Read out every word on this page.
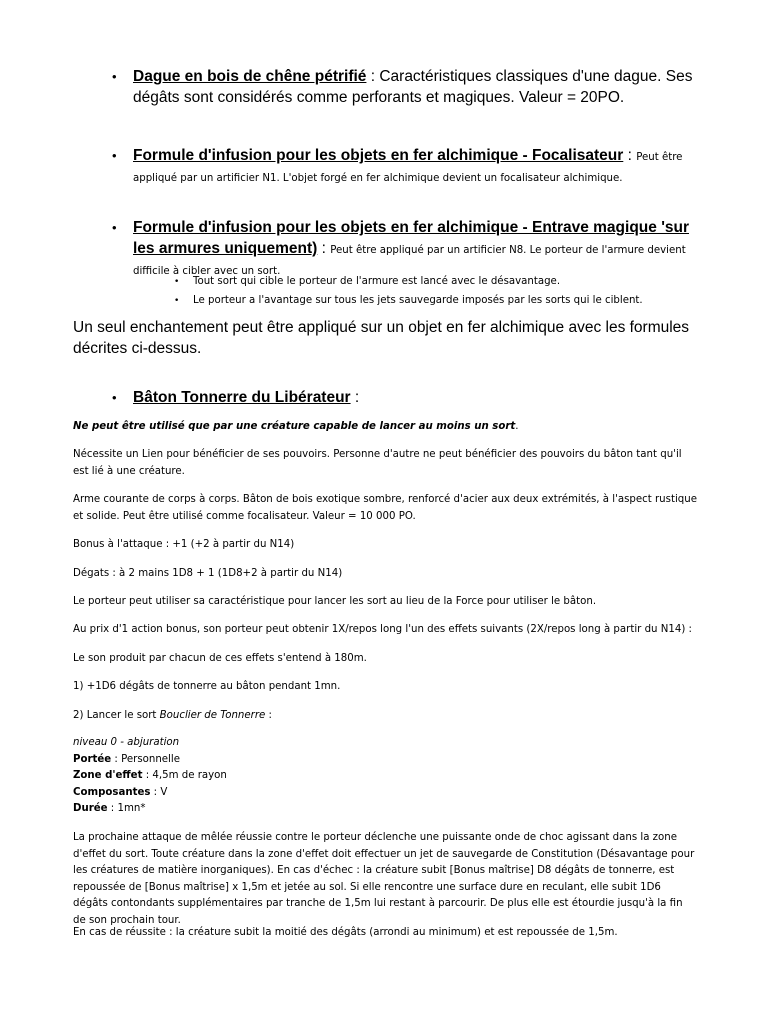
• Dague en bois de chêne pétrifié : Caractéristiques classiques d'une dague. Ses dégâts sont considérés comme perforants et magiques. Valeur = 20PO.
• Formule d'infusion pour les objets en fer alchimique - Focalisateur : Peut être appliqué par un artificier N1. L'objet forgé en fer alchimique devient un focalisateur alchimique.
• Formule d'infusion pour les objets en fer alchimique - Entrave magique 'sur les armures uniquement) : Peut être appliqué par un artificier N8. Le porteur de l'armure devient difficile à cibler avec un sort.
• Tout sort qui cible le porteur de l'armure est lancé avec le désavantage.
• Le porteur a l'avantage sur tous les jets sauvegarde imposés par les sorts qui le ciblent.
Un seul enchantement peut être appliqué sur un objet en fer alchimique avec les formules décrites ci-dessus.
• Bâton Tonnerre du Libérateur :
Ne peut être utilisé que par une créature capable de lancer au moins un sort.
Nécessite un Lien pour bénéficier de ses pouvoirs. Personne d'autre ne peut bénéficier des pouvoirs du bâton tant qu'il est lié à une créature.
Arme courante de corps à corps. Bâton de bois exotique sombre, renforcé d'acier aux deux extrémités, à l'aspect rustique et solide. Peut être utilisé comme focalisateur. Valeur = 10 000 PO.
Bonus à l'attaque : +1 (+2 à partir du N14)
Dégats : à 2 mains 1D8 + 1 (1D8+2 à partir du N14)
Le porteur peut utiliser sa caractéristique pour lancer les sort au lieu de la Force pour utiliser le bâton.
Au prix d'1 action bonus, son porteur peut obtenir 1X/repos long l'un des effets suivants (2X/repos long à partir du N14) :
Le son produit par chacun de ces effets s'entend à 180m.
1) +1D6 dégâts de tonnerre au bâton pendant 1mn.
2) Lancer le sort Bouclier de Tonnerre :
niveau 0 - abjuration
Portée : Personnelle
Zone d'effet : 4,5m de rayon
Composantes : V
Durée : 1mn*
La prochaine attaque de mêlée réussie contre le porteur déclenche une puissante onde de choc agissant dans la zone d'effet du sort. Toute créature dans la zone d'effet doit effectuer un jet de sauvegarde de Constitution (Désavantage pour les créatures de matière inorganiques). En cas d'échec : la créature subit [Bonus maîtrise] D8 dégâts de tonnerre, est repoussée de [Bonus maîtrise] x 1,5m et jetée au sol. Si elle rencontre une surface dure en reculant, elle subit 1D6 dégâts contondants supplémentaires par tranche de 1,5m lui restant à parcourir. De plus elle est étourdie jusqu'à la fin de son prochain tour.
En cas de réussite : la créature subit la moitié des dégâts (arrondi au minimum) et est repoussée de 1,5m.
